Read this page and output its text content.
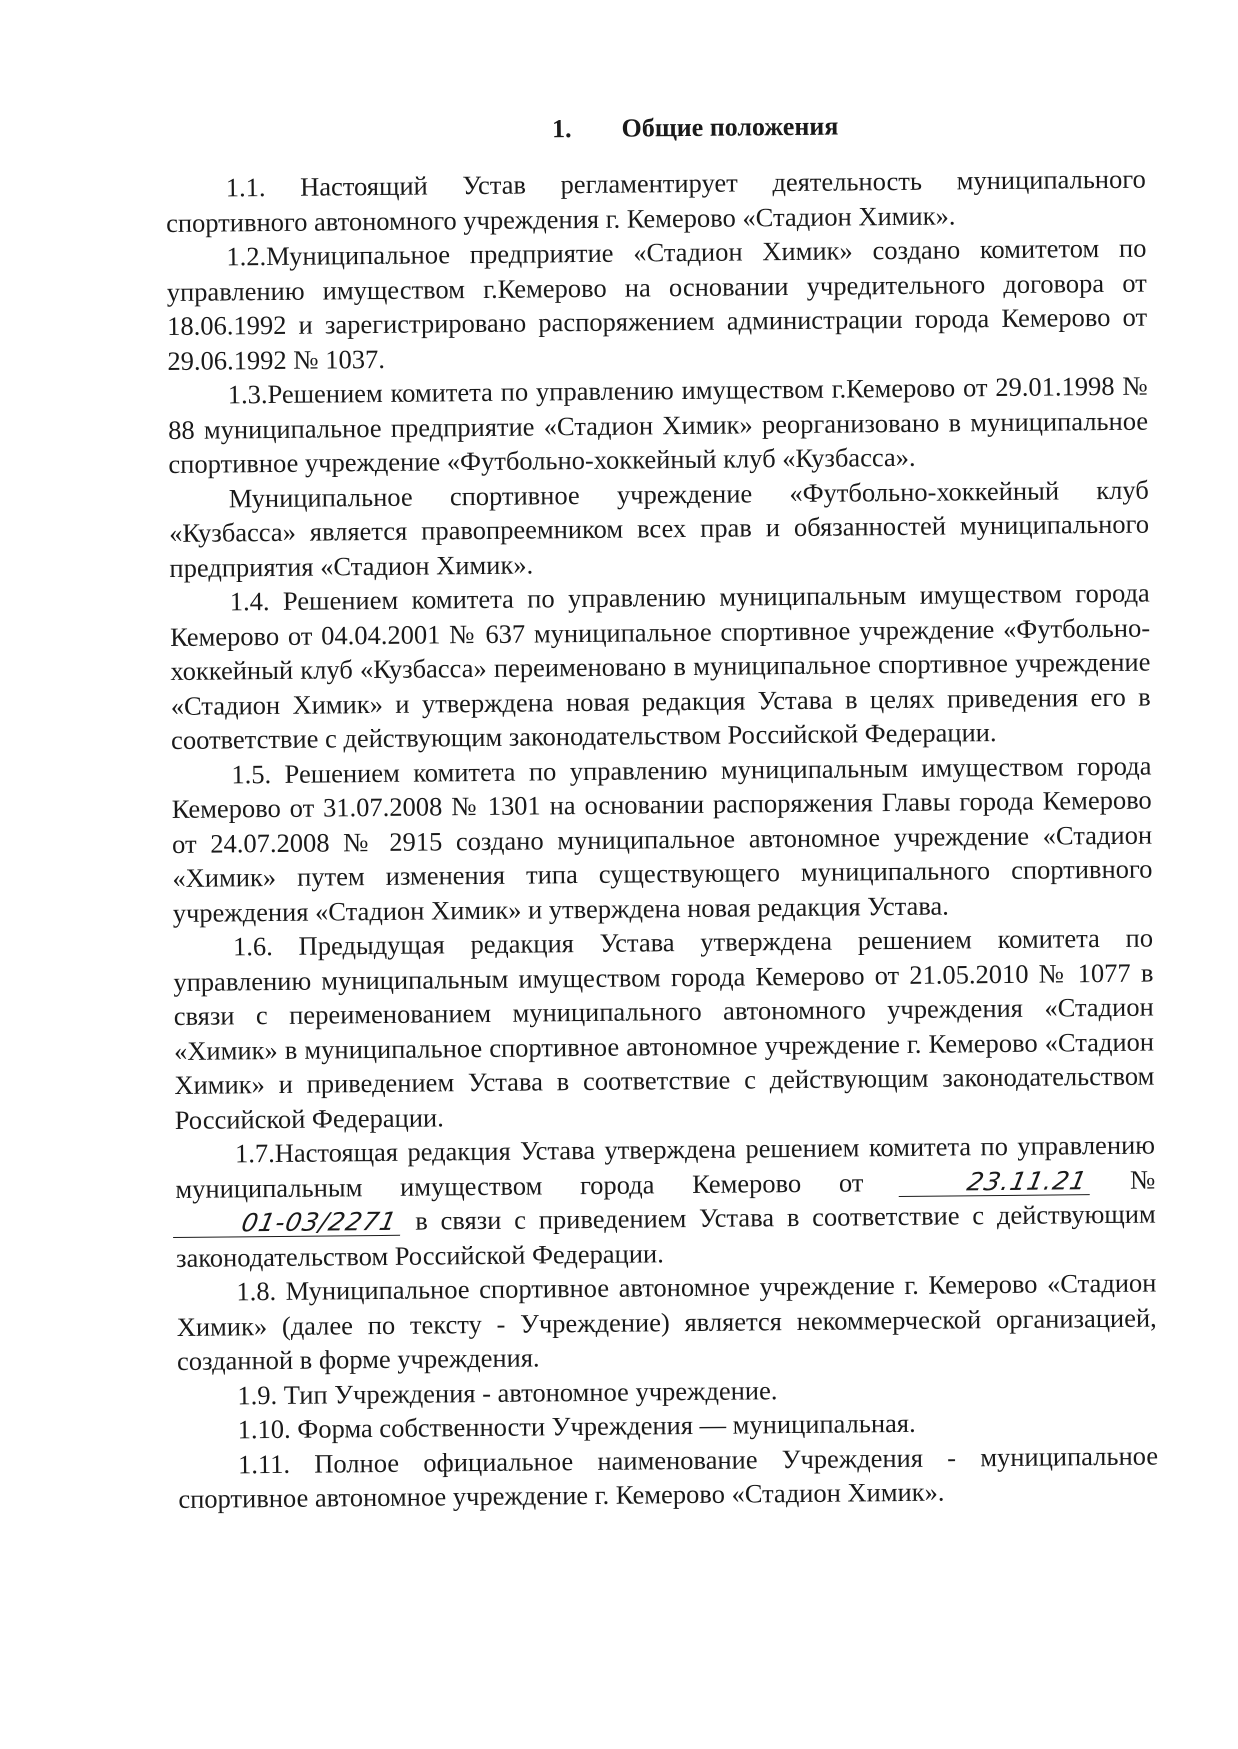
1. Общие положения

1.1. Настоящий Устав регламентирует деятельность муниципального спортивного автономного учреждения г. Кемерово «Стадион Химик».

1.2.Муниципальное предприятие «Стадион Химик» создано комитетом по управлению имуществом г.Кемерово на основании учредительного договора от 18.06.1992 и зарегистрировано распоряжением администрации города Кемерово от 29.06.1992 № 1037.

1.3.Решением комитета по управлению имуществом г.Кемерово от 29.01.1998 № 88 муниципальное предприятие «Стадион Химик» реорганизовано в муниципальное спортивное учреждение «Футбольно-хоккейный клуб «Кузбасса».

Муниципальное спортивное учреждение «Футбольно-хоккейный клуб «Кузбасса» является правопреемником всех прав и обязанностей муниципального предприятия «Стадион Химик».

1.4. Решением комитета по управлению муниципальным имуществом города Кемерово от 04.04.2001 № 637 муниципальное спортивное учреждение «Футбольно-хоккейный клуб «Кузбасса» переименовано в муниципальное спортивное учреждение «Стадион Химик» и утверждена новая редакция Устава в целях приведения его в соответствие с действующим законодательством Российской Федерации.

1.5. Решением комитета по управлению муниципальным имуществом города Кемерово от 31.07.2008 № 1301 на основании распоряжения Главы города Кемерово от 24.07.2008 № 2915 создано муниципальное автономное учреждение «Стадион «Химик» путем изменения типа существующего муниципального спортивного учреждения «Стадион Химик» и утверждена новая редакция Устава.

1.6. Предыдущая редакция Устава утверждена решением комитета по управлению муниципальным имуществом города Кемерово от 21.05.2010 № 1077 в связи с переименованием муниципального автономного учреждения «Стадион «Химик» в муниципальное спортивное автономное учреждение г. Кемерово «Стадион Химик» и приведением Устава в соответствие с действующим законодательством Российской Федерации.

1.7.Настоящая редакция Устава утверждена решением комитета по управлению муниципальным имуществом города Кемерово от	23.11.21 № 01-03/2271 в связи с приведением Устава в соответствие с действующим законодательством Российской Федерации.

1.8. Муниципальное спортивное автономное учреждение г. Кемерово «Стадион Химик» (далее по тексту - Учреждение) является некоммерческой организацией, созданной в форме учреждения.

1.9. Тип Учреждения - автономное учреждение.

1.10. Форма собственности Учреждения — муниципальная.

1.11. Полное официальное наименование Учреждения - муниципальное спортивное автономное учреждение г. Кемерово «Стадион Химик».
